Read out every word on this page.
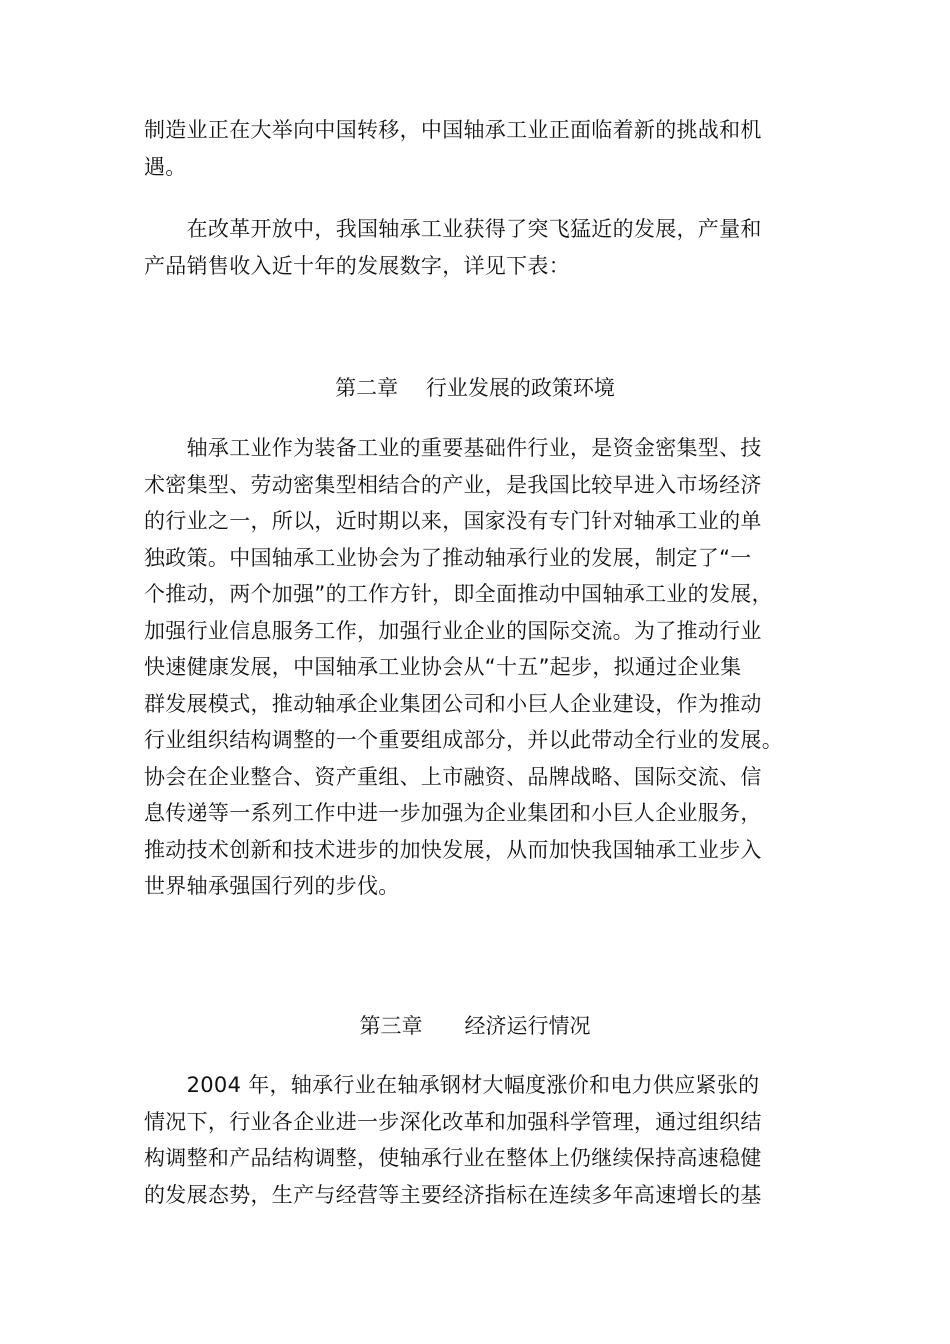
制造业正在大举向中国转移，中国轴承工业正面临着新的挑战和机
遇。

　　在改革开放中，我国轴承工业获得了突飞猛近的发展，产量和
产品销售收入近十年的发展数字，详见下表：

第二章　 行业发展的政策环境

　　轴承工业作为装备工业的重要基础件行业，是资金密集型、技
术密集型、劳动密集型相结合的产业，是我国比较早进入市场经济
的行业之一，所以，近时期以来，国家没有专门针对轴承工业的单
独政策。中国轴承工业协会为了推动轴承行业的发展，制定了“一
个推动，两个加强”的工作方针，即全面推动中国轴承工业的发展，
加强行业信息服务工作，加强行业企业的国际交流。为了推动行业
快速健康发展，中国轴承工业协会从“十五”起步，拟通过企业集
群发展模式，推动轴承企业集团公司和小巨人企业建设，作为推动
行业组织结构调整的一个重要组成部分，并以此带动全行业的发展。
协会在企业整合、资产重组、上市融资、品牌战略、国际交流、信
息传递等一系列工作中进一步加强为企业集团和小巨人企业服务，
推动技术创新和技术进步的加快发展，从而加快我国轴承工业步入
世界轴承强国行列的步伐。

第三章　　经济运行情况

　　2004 年，轴承行业在轴承钢材大幅度涨价和电力供应紧张的
情况下，行业各企业进一步深化改革和加强科学管理，通过组织结
构调整和产品结构调整，使轴承行业在整体上仍继续保持高速稳健
的发展态势，生产与经营等主要经济指标在连续多年高速增长的基
